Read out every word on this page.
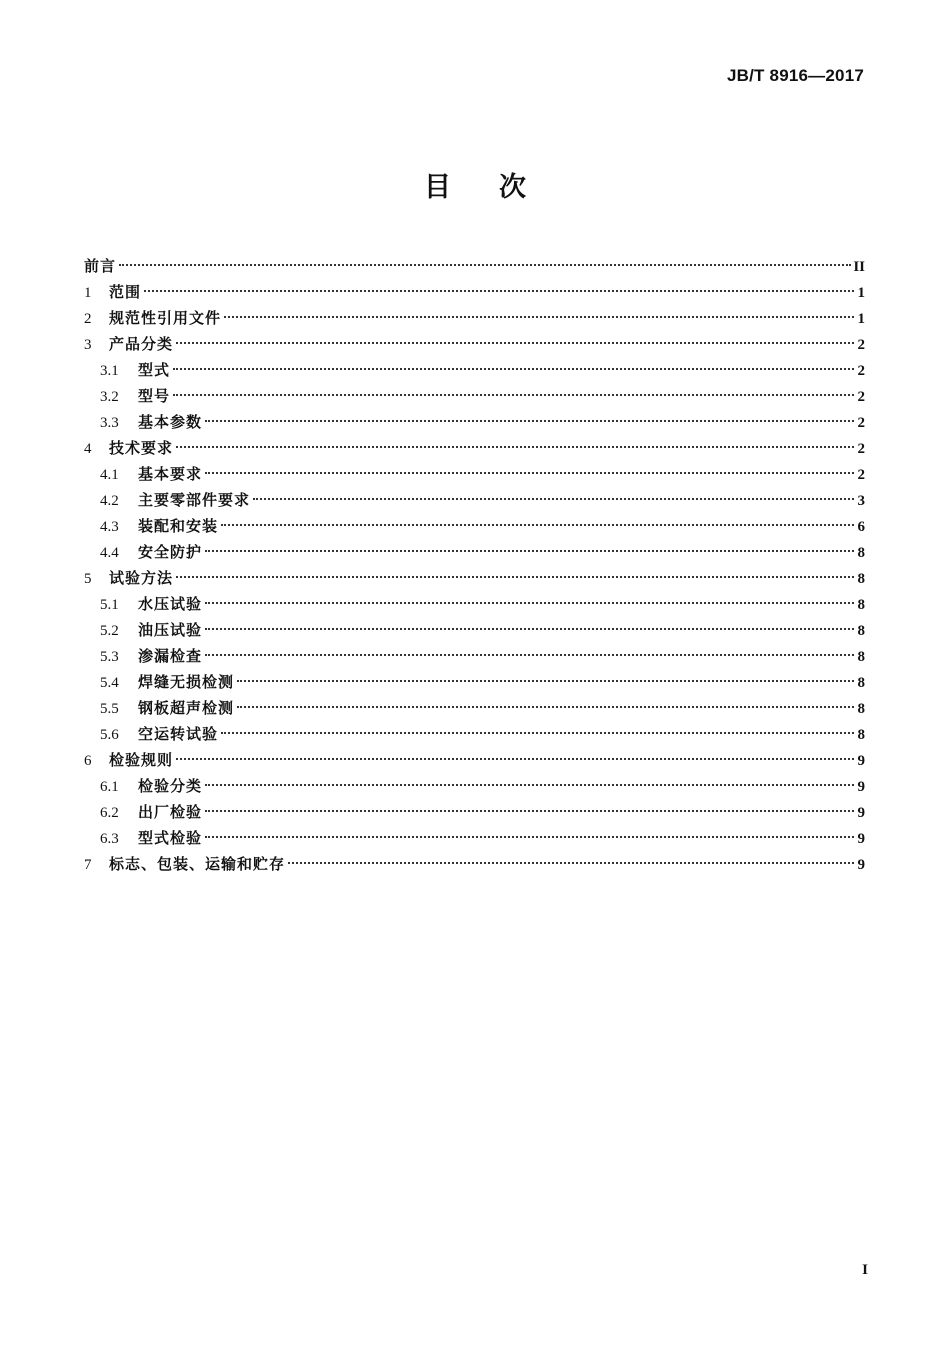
JB/T 8916—2017
目 次
前言	II
1	范围	1
2	规范性引用文件	1
3	产品分类	2
3.1	型式	2
3.2	型号	2
3.3	基本参数	2
4	技术要求	2
4.1	基本要求	2
4.2	主要零部件要求	3
4.3	装配和安装	6
4.4	安全防护	8
5	试验方法	8
5.1	水压试验	8
5.2	油压试验	8
5.3	渗漏检查	8
5.4	焊缝无损检测	8
5.5	钢板超声检测	8
5.6	空运转试验	8
6	检验规则	9
6.1	检验分类	9
6.2	出厂检验	9
6.3	型式检验	9
7	标志、包装、运输和贮存	9
I
